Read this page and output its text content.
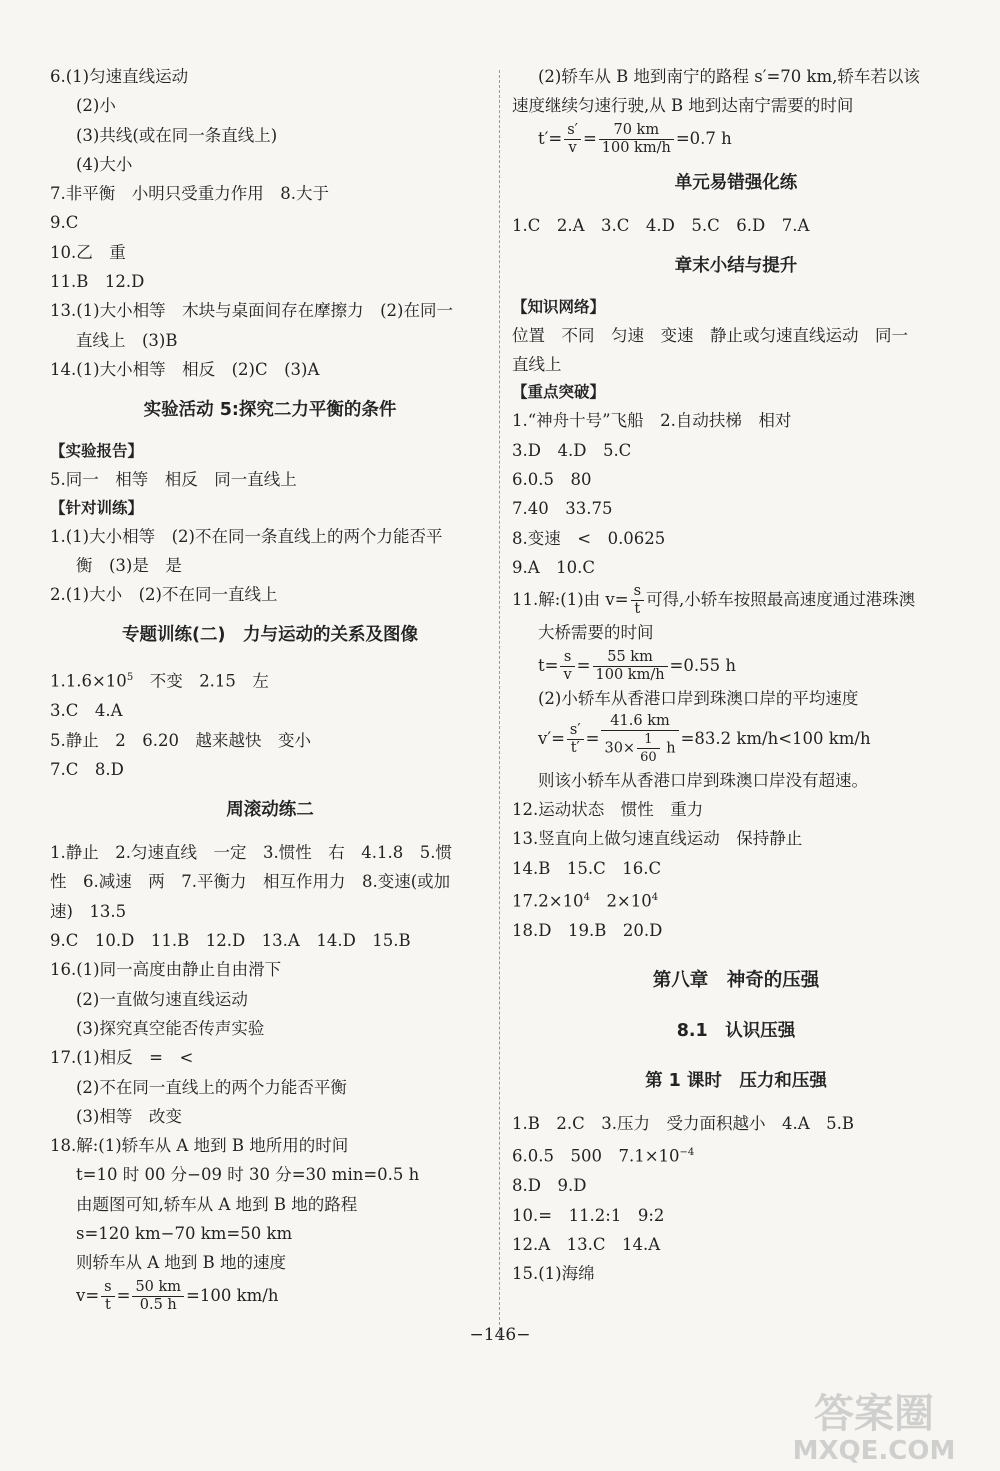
6.(1)匀速直线运动
(2)小
(3)共线(或在同一条直线上)
(4)大小
7.非平衡　小明只受重力作用　8.大于
9.C
10.乙　重
11.B　12.D
13.(1)大小相等　木块与桌面间存在摩擦力　(2)在同一
直线上　(3)B
14.(1)大小相等　相反　(2)C　(3)A
实验活动 5:探究二力平衡的条件
【实验报告】
5.同一　相等　相反　同一直线上
【针对训练】
1.(1)大小相等　(2)不在同一条直线上的两个力能否平
衡　(3)是　是
2.(1)大小　(2)不在同一直线上
专题训练(二)　力与运动的关系及图像
$1.1.6\times 10^5$　不变　2.15　左
3.C　4.A
5.静止　2　6.20　越来越快　变小
7.C　8.D
周滚动练二
1.静止　2.匀速直线　一定　3.惯性　右　4.1.8　5.惯
性　6.减速　两　7.平衡力　相互作用力　8.变速(或加
速)　13.5
9.C　10.D　11.B　12.D　13.A　14.D　15.B
16.(1)同一高度由静止自由滑下
(2)一直做匀速直线运动
(3)探究真空能否传声实验
17.(1)相反　=　<
(2)不在同一直线上的两个力能否平衡
(3)相等　改变
18.解:(1)轿车从 A 地到 B 地所用的时间
t=10 时 00 分−09 时 30 分=30 min=0.5 h
由题图可知,轿车从 A 地到 B 地的路程
s=120 km−70 km=50 km
则轿车从 A 地到 B 地的速度
$v= \frac{s}{t} = \frac{50 km}{0.5 h} =100$ km/h
(2)轿车从 B 地到南宁的路程 s′=70 km,轿车若以该
速度继续匀速行驶,从 B 地到达南宁需要的时间
$t'= \frac{s'}{v} = \frac{70 km}{100 km/h} =0.7$ h
单元易错强化练
1.C　2.A　3.C　4.D　5.C　6.D　7.A
章末小结与提升
【知识网络】
位置　不同　匀速　变速　静止或匀速直线运动　同一
直线上
【重点突破】
1.“神舟十号”飞船　2.自动扶梯　相对
3.D　4.D　5.C
6.0.5　80
7.40　33.75
8.变速　<　0.0625
9.A　10.C
11.解:(1)由 $v= \frac{s}{t}$ 可得,小轿车按照最高速度通过港珠澳
大桥需要的时间
$t= \frac{s}{v} = \frac{55 km}{100 km/h} =0.55$ h
(2)小轿车从香港口岸到珠澳口岸的平均速度
$v'= \frac{s'}{t'} = \frac{41.6 km}{30\times \frac{1}{60} h} =83.2$ km/h<100 km/h
则该小轿车从香港口岸到珠澳口岸没有超速。
12.运动状态　惯性　重力
13.竖直向上做匀速直线运动　保持静止
14.B　15.C　16.C
$17.2\times 10^4$　$2\times 10^4$
18.D　19.B　20.D
第八章　神奇的压强
8.1　认识压强
第 1 课时　压力和压强
1.B　2.C　3.压力　受力面积越小　4.A　5.B
6.0.5　500　$7.1\times 10^{-4}$
8.D　9.D
10.=　11.2:1　9:2
12.A　13.C　14.A
15.(1)海绵
−146−
答案圈
MXQE.COM
